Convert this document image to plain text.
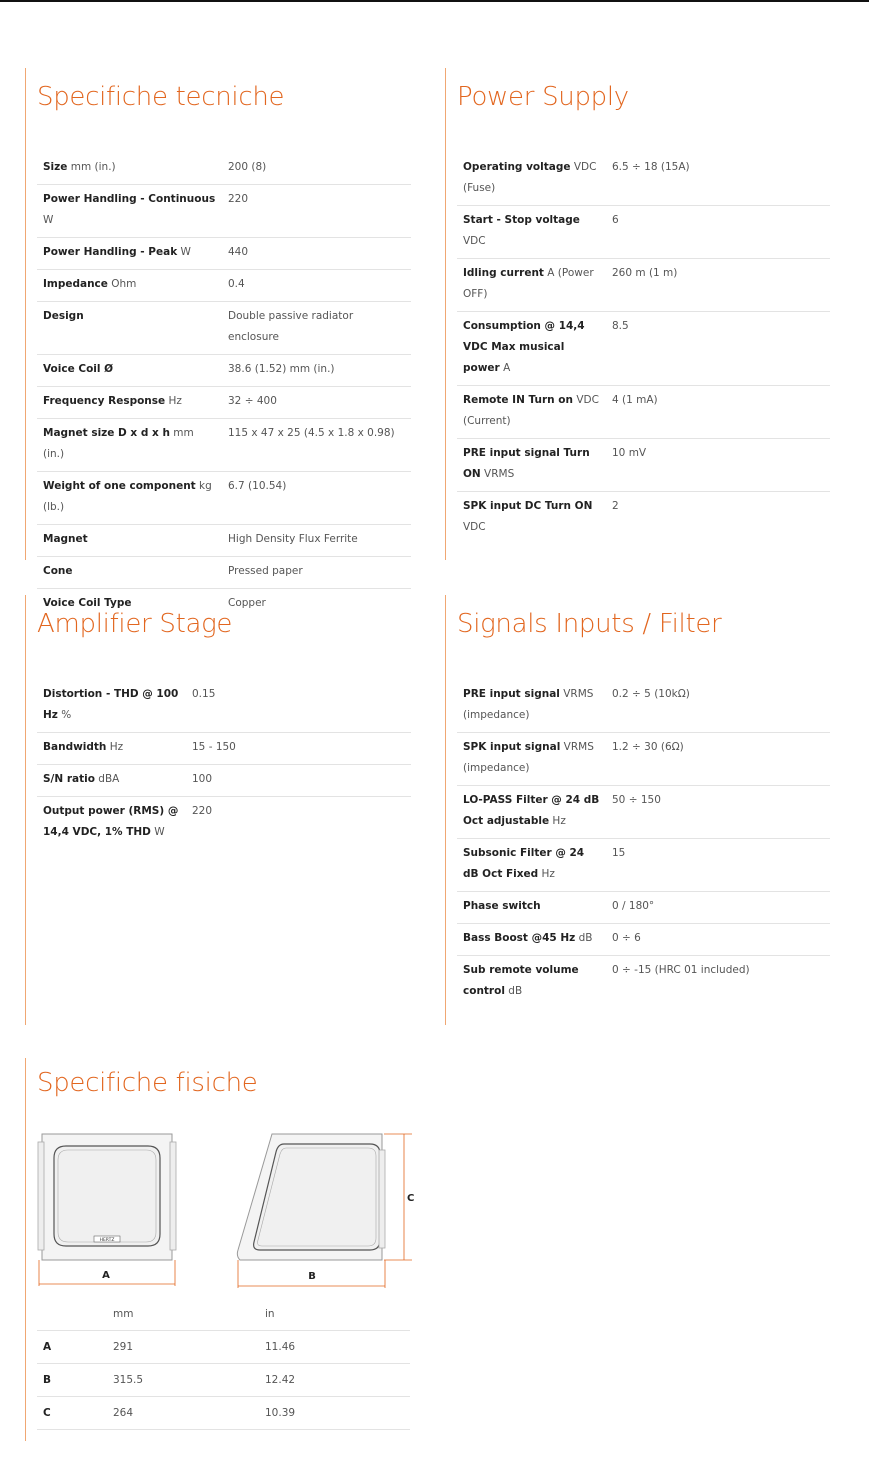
Specifiche tecniche
Size mm (in.)	200 (8)
Power Handling - Continuous W	220
Power Handling - Peak W	440
Impedance Ohm	0.4
Design	Double passive radiator enclosure
Voice Coil Ø	38.6 (1.52) mm (in.)
Frequency Response Hz	32 ÷ 400
Magnet size D x d x h mm (in.)	115 x 47 x 25 (4.5 x 1.8 x 0.98)
Weight of one component kg (lb.)	6.7 (10.54)
Magnet	High Density Flux Ferrite
Cone	Pressed paper
Voice Coil Type	Copper
Power Supply
Operating voltage VDC (Fuse)	6.5 ÷ 18 (15A)
Start - Stop voltage VDC	6
Idling current A (Power OFF)	260 m (1 m)
Consumption @ 14,4 VDC Max musical power A	8.5
Remote IN Turn on VDC (Current)	4 (1 mA)
PRE input signal Turn ON VRMS	10 mV
SPK input DC Turn ON VDC	2
Amplifier Stage
Distortion - THD @ 100 Hz %	0.15
Bandwidth Hz	15 - 150
S/N ratio dBA	100
Output power (RMS) @ 14,4 VDC, 1% THD W	220
Signals Inputs / Filter
PRE input signal VRMS (impedance)	0.2 ÷ 5 (10kΩ)
SPK input signal VRMS (impedance)	1.2 ÷ 30 (6Ω)
LO-PASS Filter @ 24 dB Oct adjustable Hz	50 ÷ 150
Subsonic Filter @ 24 dB Oct Fixed Hz	15
Phase switch	0 / 180°
Bass Boost @45 Hz dB	0 ÷ 6
Sub remote volume control dB	0 ÷ -15 (HRC 01 included)
Specifiche fisiche
HERTZ
A
C
B
	mm	in
A	291	11.46
B	315.5	12.42
C	264	10.39
